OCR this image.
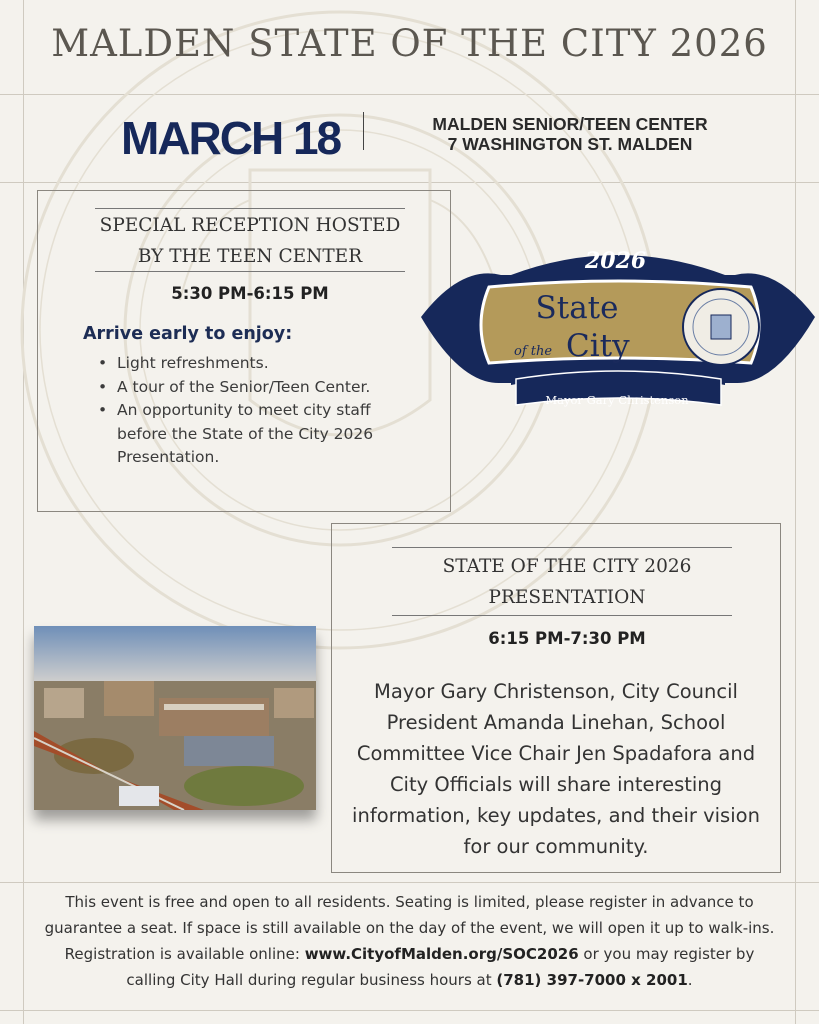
MALDEN STATE OF THE CITY 2026
MARCH 18	MALDEN SENIOR/TEEN CENTER
7 WASHINGTON ST. MALDEN
SPECIAL RECEPTION HOSTED
BY THE TEEN CENTER
5:30 PM-6:15 PM
Arrive early to enjoy:
• Light refreshments.
• A tour of the Senior/Teen Center.
• An opportunity to meet city staff before the State of the City 2026 Presentation.
2026
State
of the City
Mayor Gary Christenson
STATE OF THE CITY 2026
PRESENTATION
6:15 PM-7:30 PM
Mayor Gary Christenson, City Council President Amanda Linehan, School Committee Vice Chair Jen Spadafora and City Officials will share interesting information, key updates, and their vision for our community.
This event is free and open to all residents. Seating is limited, please register in advance to guarantee a seat. If space is still available on the day of the event, we will open it up to walk-ins. Registration is available online: www.CityofMalden.org/SOC2026 or you may register by calling City Hall during regular business hours at (781) 397-7000 x 2001.
